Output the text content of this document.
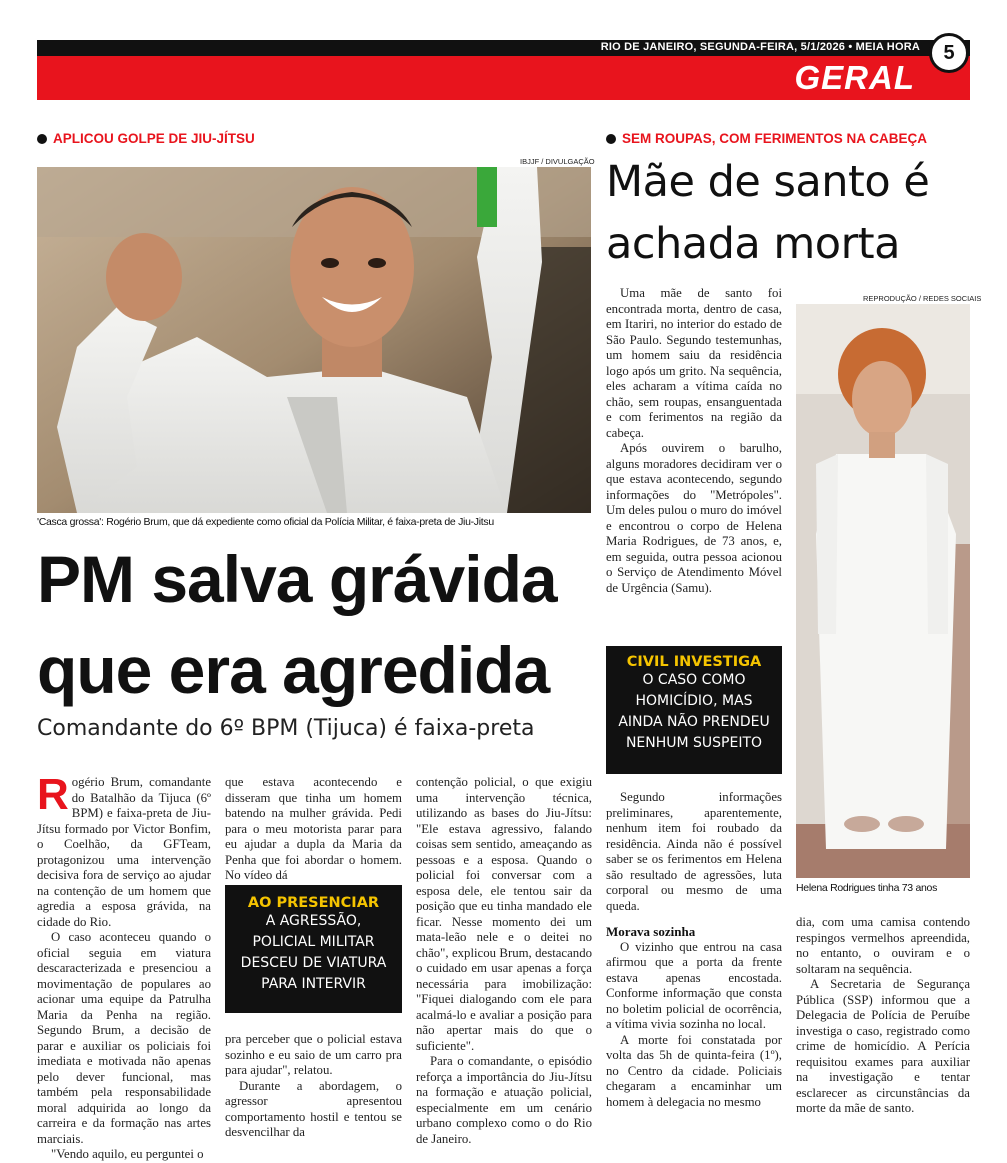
RIO DE JANEIRO, SEGUNDA-FEIRA, 5/1/2026 • MEIA HORA
GERAL
5
APLICOU GOLPE DE JIU-JÍTSU
IBJJF / DIVULGAÇÃO
'Casca grossa': Rogério Brum, que dá expediente como oficial da Polícia Militar, é faixa-preta de Jiu-Jitsu
PM salva grávida
que era agredida
Comandante do 6º BPM (Tijuca) é faixa-preta

Rogério Brum, comandante do Batalhão da Tijuca (6º BPM) e faixa-preta de Jiu-Jítsu formado por Victor Bonfim, o Coelhão, da GFTeam, protagonizou uma intervenção decisiva fora de serviço ao ajudar na contenção de um homem que agredia a esposa grávida, na cidade do Rio.

O caso aconteceu quando o oficial seguia em viatura descaracterizada e presenciou a movimentação de populares ao acionar uma equipe da Patrulha Maria da Penha na região. Segundo Brum, a decisão de parar e auxiliar os policiais foi imediata e motivada não apenas pelo dever funcional, mas também pela responsabilidade moral adquirida ao longo da carreira e da formação nas artes marciais.

"Vendo aquilo, eu perguntei o

que estava acontecendo e disseram que tinha um homem batendo na mulher grávida. Pedi para o meu motorista parar para eu ajudar a dupla da Maria da Penha que foi abordar o homem. No vídeo dá

AO PRESENCIAR
A AGRESSÃO,
POLICIAL MILITAR
DESCEU DE VIATURA
PARA INTERVIR

pra perceber que o policial estava sozinho e eu saio de um carro pra para ajudar", relatou.

Durante a abordagem, o agressor apresentou comportamento hostil e tentou se desvencilhar da

contenção policial, o que exigiu uma intervenção técnica, utilizando as bases do Jiu-Jítsu: "Ele estava agressivo, falando coisas sem sentido, ameaçando as pessoas e a esposa. Quando o policial foi conversar com a esposa dele, ele tentou sair da posição que eu tinha mandado ele ficar. Nesse momento dei um mata-leão nele e o deitei no chão", explicou Brum, destacando o cuidado em usar apenas a força necessária para imobilização: "Fiquei dialogando com ele para acalmá-lo e avaliar a posição para não apertar mais do que o suficiente".

Para o comandante, o episódio reforça a importância do Jiu-Jítsu na formação e atuação policial, especialmente em um cenário urbano complexo como o do Rio de Janeiro.

SEM ROUPAS, COM FERIMENTOS NA CABEÇA
Mãe de santo é
achada morta

Uma mãe de santo foi encontrada morta, dentro de casa, em Itariri, no interior do estado de São Paulo. Segundo testemunhas, um homem saiu da residência logo após um grito. Na sequência, eles acharam a vítima caída no chão, sem roupas, ensanguentada e com ferimentos na região da cabeça.

Após ouvirem o barulho, alguns moradores decidiram ver o que estava acontecendo, segundo informações do "Metrópoles". Um deles pulou o muro do imóvel e encontrou o corpo de Helena Maria Rodrigues, de 73 anos, e, em seguida, outra pessoa acionou o Serviço de Atendimento Móvel de Urgência (Samu).

CIVIL INVESTIGA
O CASO COMO
HOMICÍDIO, MAS
AINDA NÃO PRENDEU
NENHUM SUSPEITO

Segundo informações preliminares, aparentemente, nenhum item foi roubado da residência. Ainda não é possível saber se os ferimentos em Helena são resultado de agressões, luta corporal ou mesmo de uma queda.

Morava sozinha

O vizinho que entrou na casa afirmou que a porta da frente estava apenas encostada. Conforme informação que consta no boletim policial de ocorrência, a vítima vivia sozinha no local.

A morte foi constatada por volta das 5h de quinta-feira (1º), no Centro da cidade. Policiais chegaram a encaminhar um homem à delegacia no mesmo

REPRODUÇÃO / REDES SOCIAIS
Helena Rodrigues tinha 73 anos

dia, com uma camisa contendo respingos vermelhos apreendida, no entanto, o ouviram e o soltaram na sequência.

A Secretaria de Segurança Pública (SSP) informou que a Delegacia de Polícia de Peruíbe investiga o caso, registrado como crime de homicídio. A Perícia requisitou exames para auxiliar na investigação e tentar esclarecer as circunstâncias da morte da mãe de santo.
